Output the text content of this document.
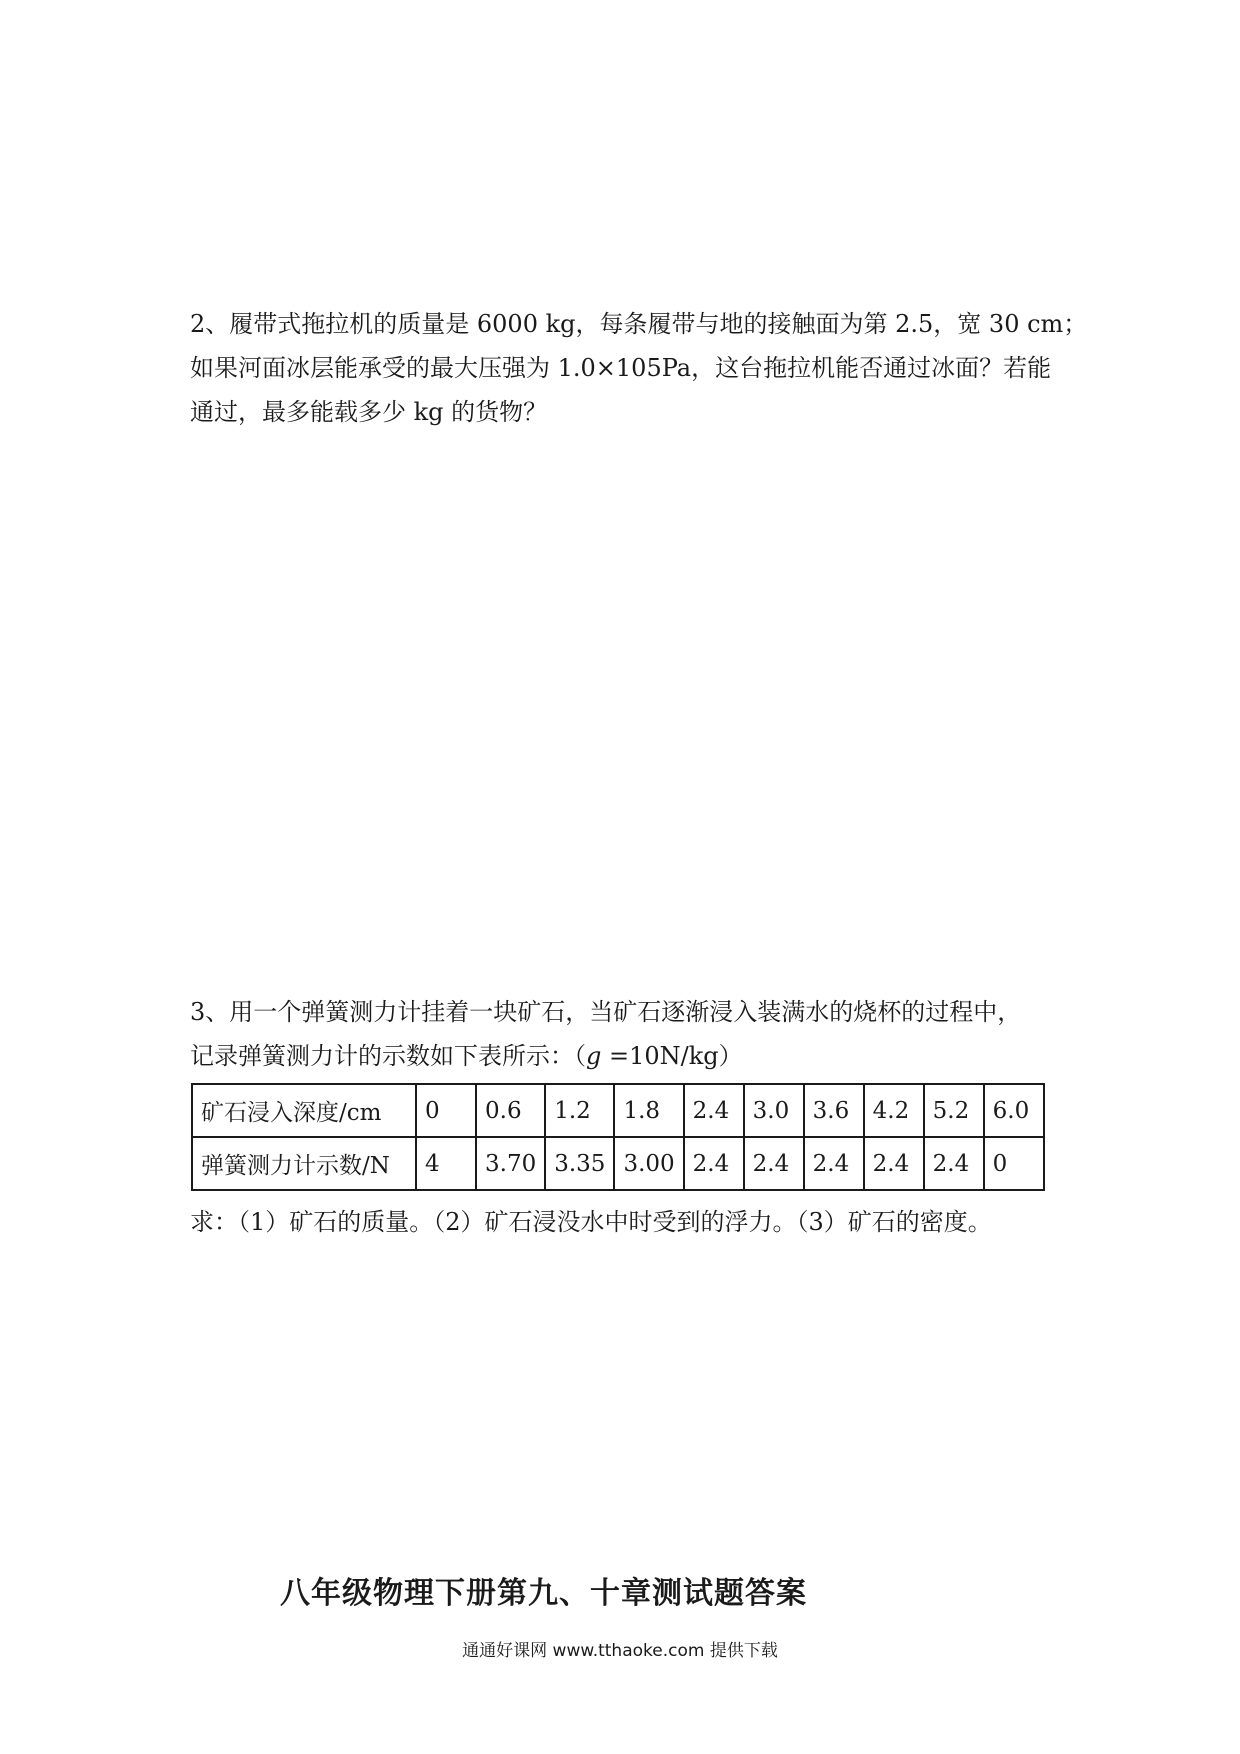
2、履带式拖拉机的质量是 6000 kg，每条履带与地的接触面为第 2.5，宽 30 cm；
如果河面冰层能承受的最大压强为 1.0×105Pa，这台拖拉机能否通过冰面？若能
通过，最多能载多少 kg 的货物？
3、用一个弹簧测力计挂着一块矿石，当矿石逐渐浸入装满水的烧杯的过程中，
记录弹簧测力计的示数如下表所示：（g =10N/kg）
矿石浸入深度/cm	0	0.6	1.2	1.8	2.4	3.0	3.6	4.2	5.2	6.0
弹簧测力计示数/N	4	3.70	3.35	3.00	2.4	2.4	2.4	2.4	2.4	0
求：（1）矿石的质量。（2）矿石浸没水中时受到的浮力。（3）矿石的密度。
八年级物理下册第九、十章测试题答案
通通好课网 www.tthaoke.com 提供下载
